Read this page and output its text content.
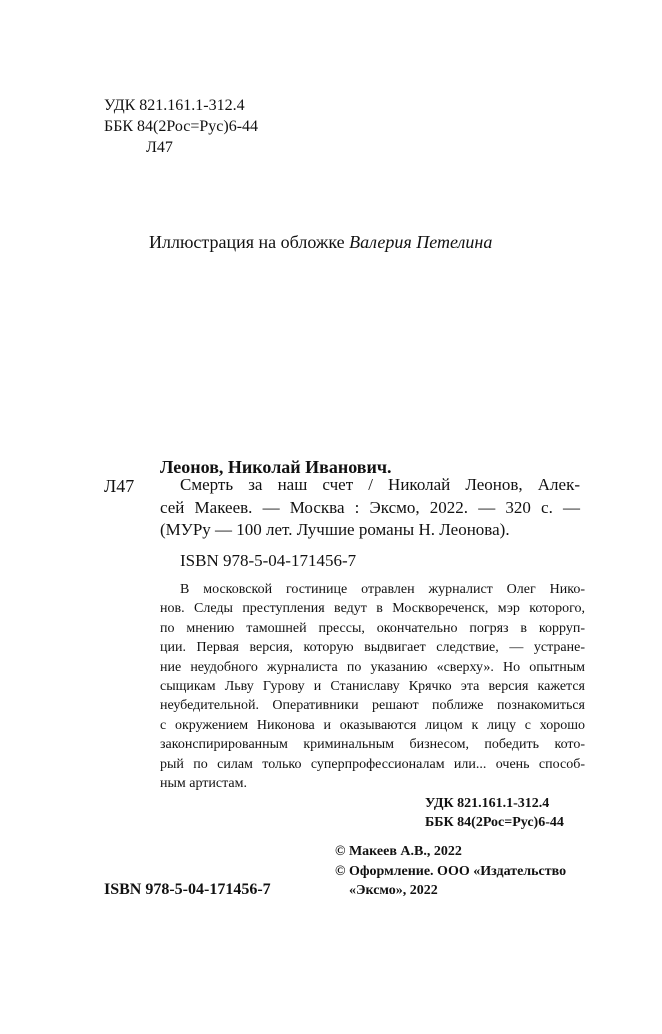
УДК 821.161.1-312.4
ББК 84(2Рос=Рус)6-44
Л47
Иллюстрация на обложке Валерия Петелина
Леонов, Николай Иванович.
Л47	Смерть за наш счет / Николай Леонов, Алек-
сей Макеев. — Москва : Эксмо, 2022. — 320 с. —
(МУРу — 100 лет. Лучшие романы Н. Леонова).
ISBN 978-5-04-171456-7
В московской гостинице отравлен журналист Олег Нико-
нов. Следы преступления ведут в Москвореченск, мэр которого,
по мнению тамошней прессы, окончательно погряз в корруп-
ции. Первая версия, которую выдвигает следствие, — устране-
ние неудобного журналиста по указанию «сверху». Но опытным
сыщикам Льву Гурову и Станиславу Крячко эта версия кажется
неубедительной. Оперативники решают поближе познакомиться
с окружением Никонова и оказываются лицом к лицу с хорошо
законспирированным криминальным бизнесом, победить кото-
рый по силам только суперпрофессионалам или... очень способ-
ным артистам.
УДК 821.161.1-312.4
ББК 84(2Рос=Рус)6-44
© Макеев А.В., 2022
© Оформление. ООО «Издательство
ISBN 978-5-04-171456-7	«Эксмо», 2022
